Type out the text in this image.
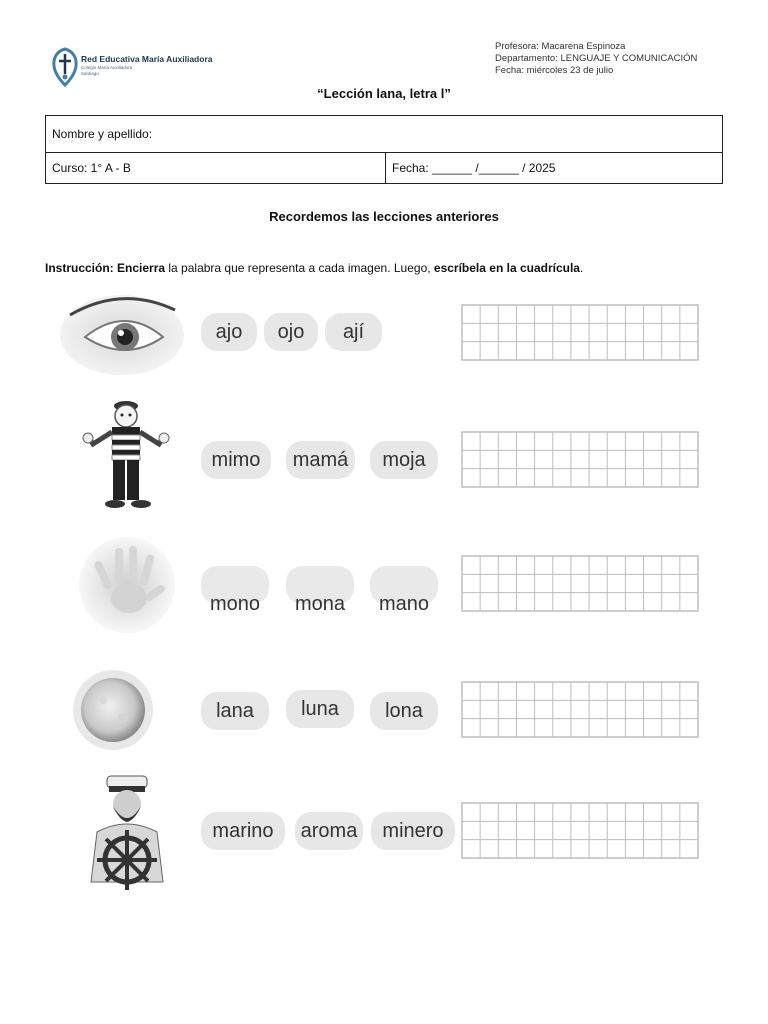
Red Educativa María Auxiliadora
Colegio María Auxiliadora
Santiago
Profesora: Macarena Espinoza
Departamento: LENGUAJE Y COMUNICACIÓN
Fecha: miércoles 23 de julio
“Lección lana, letra l”
Nombre y apellido:
Curso: 1° A - B	Fecha: ______ /______ / 2025
Recordemos las lecciones anteriores
Instrucción: Encierra la palabra que representa a cada imagen. Luego, escríbela en la cuadrícula.
ajo	ojo	ají
mimo	mamá	moja
mono	mona	mano
lana	luna	lona
marino	aroma	minero
